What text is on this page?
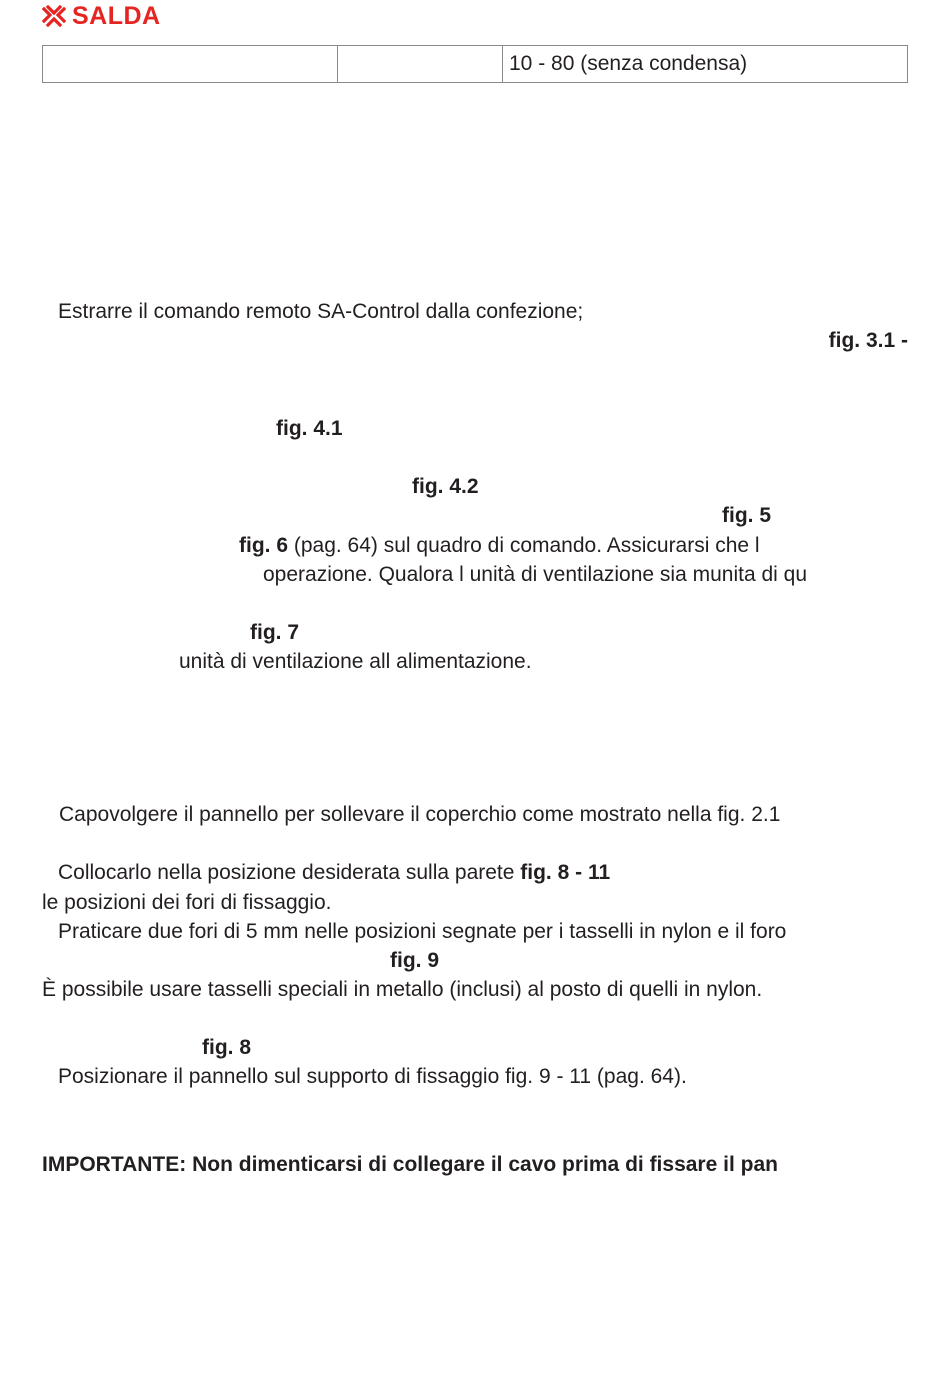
SALDA
		10 - 80 (senza condensa)
Estrarre il comando remoto SA-Control dalla confezione;
fig. 3.1 -
fig. 4.1
fig. 4.2
fig. 5
fig. 6 (pag. 64) sul quadro di comando. Assicurarsi che l
operazione. Qualora l unità di ventilazione sia munita di qu
fig. 7
unità di ventilazione all alimentazione.
Capovolgere il pannello per sollevare il coperchio come mostrato nella fig. 2.1
Collocarlo nella posizione desiderata sulla parete fig. 8 - 11
le posizioni dei fori di fissaggio.
Praticare due fori di 5 mm nelle posizioni segnate per i tasselli in nylon e il foro
fig. 9
È possibile usare tasselli speciali in metallo (inclusi) al posto di quelli in nylon.
fig. 8
Posizionare il pannello sul supporto di fissaggio fig. 9 - 11 (pag. 64).
IMPORTANTE: Non dimenticarsi di collegare il cavo prima di fissare il pan
